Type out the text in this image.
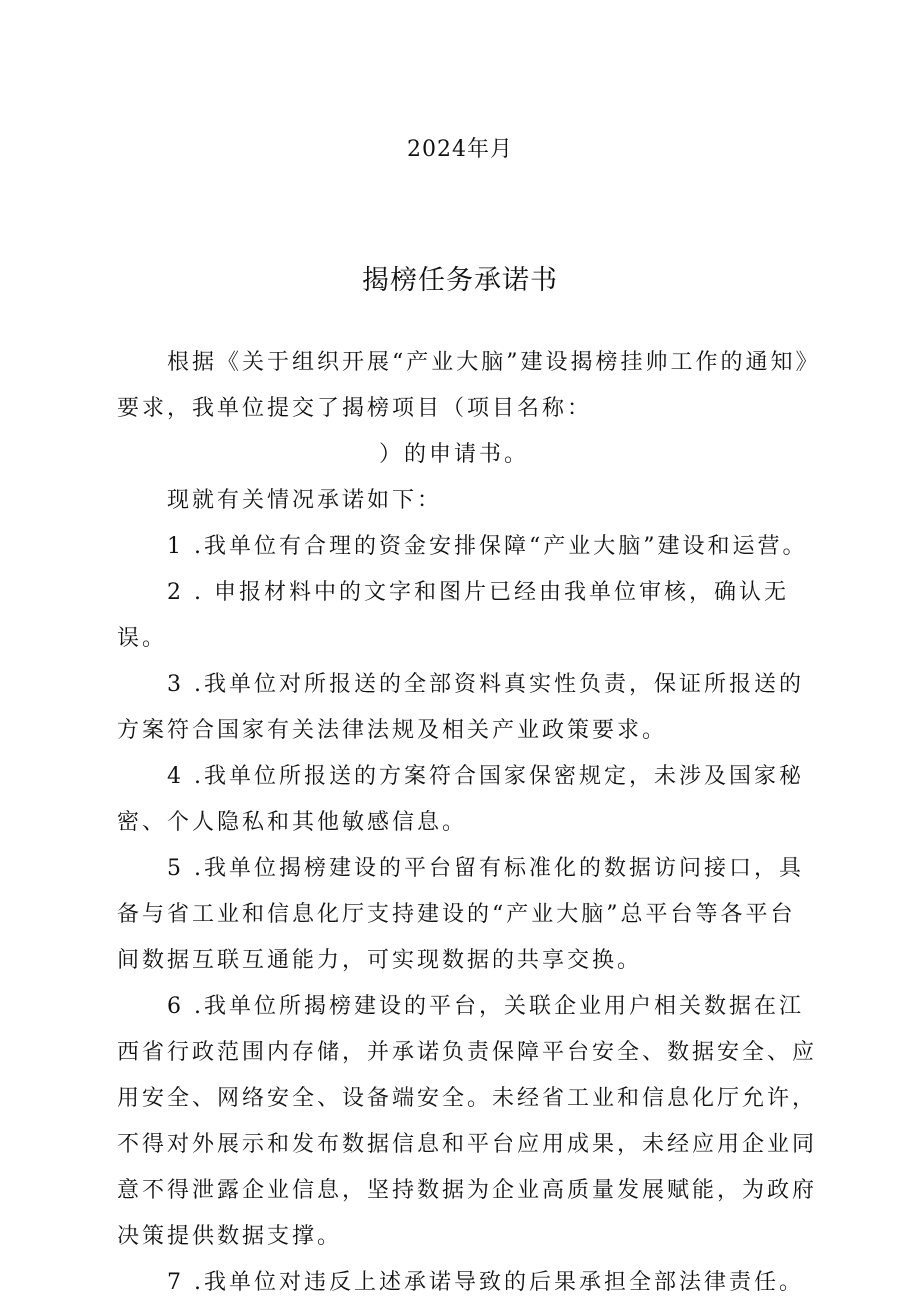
2024年月
揭榜任务承诺书

根据《关于组织开展“产业大脑”建设揭榜挂帅工作的通知》要求，我单位提交了揭榜项目（项目名称：）的申请书。

现就有关情况承诺如下：

1 .我单位有合理的资金安排保障“产业大脑”建设和运营。

2 . 申报材料中的文字和图片已经由我单位审核，确认无误。

3 .我单位对所报送的全部资料真实性负责，保证所报送的方案符合国家有关法律法规及相关产业政策要求。

4 .我单位所报送的方案符合国家保密规定，未涉及国家秘密、个人隐私和其他敏感信息。

5 .我单位揭榜建设的平台留有标准化的数据访问接口，具备与省工业和信息化厅支持建设的“产业大脑”总平台等各平台间数据互联互通能力，可实现数据的共享交换。

6 .我单位所揭榜建设的平台，关联企业用户相关数据在江西省行政范围内存储，并承诺负责保障平台安全、数据安全、应用安全、网络安全、设备端安全。未经省工业和信息化厅允许，不得对外展示和发布数据信息和平台应用成果，未经应用企业同意不得泄露企业信息，坚持数据为企业高质量发展赋能，为政府决策提供数据支撑。

7 .我单位对违反上述承诺导致的后果承担全部法律责任。
